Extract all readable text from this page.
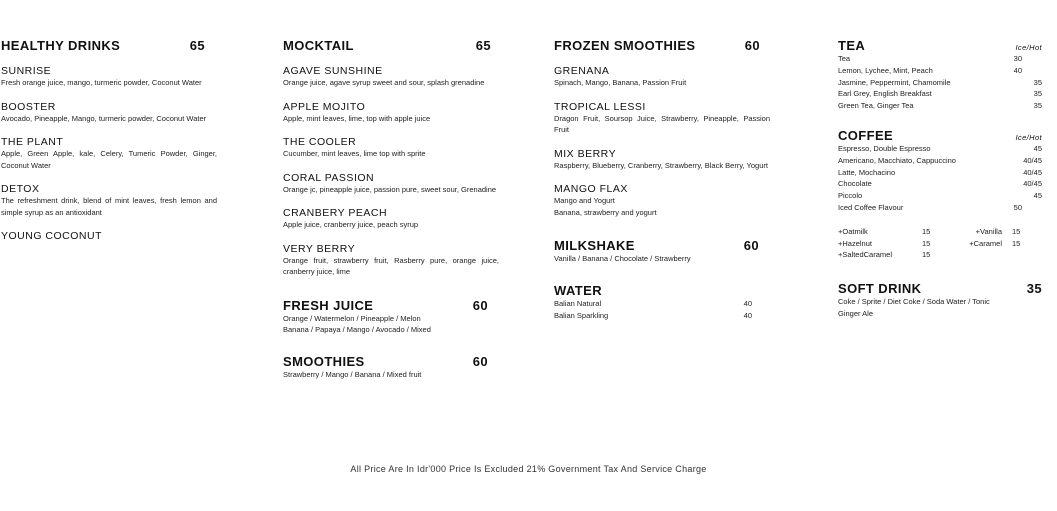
HEALTHY DRINKS	65
SUNRISE
Fresh orange juice, mango, turmeric powder, Coconut Water
BOOSTER
Avocado, Pineapple, Mango, turmeric powder, Coconut Water
THE PLANT
Apple, Green Apple, kale, Celery, Tumeric Powder, Ginger, Coconut Water
DETOX
The refreshment drink, blend of mint leaves, fresh lemon and simple syrup as an antioxidant
YOUNG COCONUT
MOCKTAIL	65
AGAVE SUNSHINE
Orange juice, agave syrup sweet and sour, splash grenadine
APPLE MOJITO
Apple, mint leaves, lime, top with apple juice
THE COOLER
Cucumber, mint leaves, lime top with sprite
CORAL PASSION
Orange jc, pineapple juice, passion pure, sweet sour, Grenadine
CRANBERY PEACH
Apple juice, cranberry juice, peach syrup
VERY BERRY
Orange fruit, strawberry fruit, Rasberry pure, orange juice, cranberry juice, lime
FRESH JUICE	60
Orange / Watermelon / Pineapple / Melon
Banana / Papaya / Mango / Avocado / Mixed
SMOOTHIES	60
Strawberry / Mango / Banana / Mixed fruit
FROZEN SMOOTHIES	60
GRENANA
Spinach, Mango, Banana, Passion Fruit
TROPICAL LESSI
Dragon Fruit, Soursop Juice, Strawberry, Pineapple, Passion Fruit
MIX BERRY
Raspberry, Blueberry, Cranberry, Strawberry, Black Berry, Yogurt
MANGO FLAX
Mango and Yogurt
Banana, strawberry and yogurt
MILKSHAKE	60
Vanilla / Banana / Chocolate / Strawberry
WATER
Balian Natural	40
Balian Sparkling	40
TEA	Ice/Hot
Tea	30
Lemon, Lychee, Mint, Peach	40
Jasmine, Peppermint, Chamomile	35
Earl Grey, English Breakfast	35
Green Tea, Ginger Tea	35
COFFEE	Ice/Hot
Espresso, Double Espresso	45
Americano, Macchiato, Cappuccino	40/45
Latte, Mochacino	40/45
Chocolate	40/45
Piccolo	45
Iced Coffee Flavour	50
+Oatmilk	15	+Vanilla	15
+Hazelnut	15	+Caramel	15
+SaltedCaramel	15
SOFT DRINK	35
Coke / Sprite / Diet Coke / Soda Water / Tonic
Ginger Ale
All Price Are In Idr'000 Price Is Excluded 21% Government Tax And Service Charge
